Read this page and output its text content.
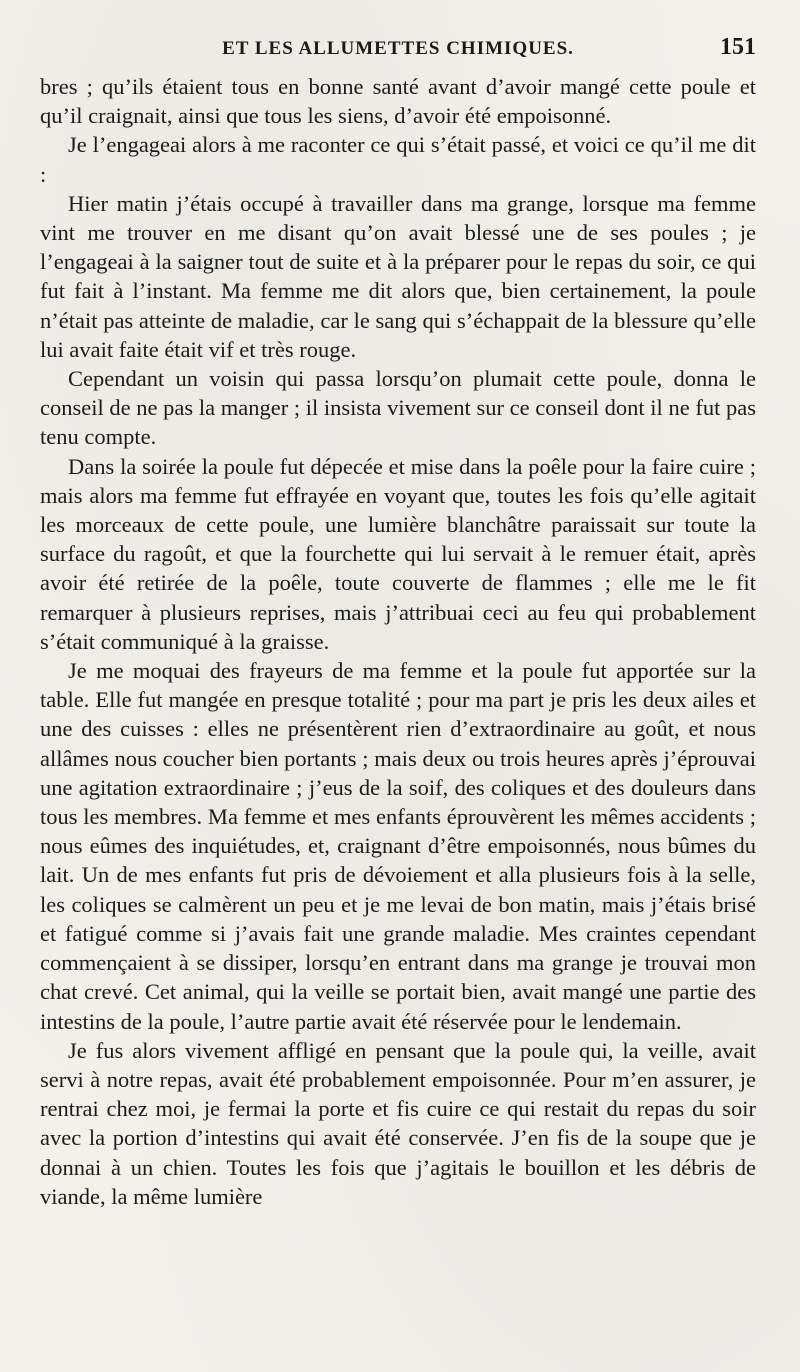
ET LES ALLUMETTES CHIMIQUES.	151

bres ; qu’ils étaient tous en bonne santé avant d’avoir mangé cette poule et qu’il craignait, ainsi que tous les siens, d’avoir été empoisonné.

Je l’engageai alors à me raconter ce qui s’était passé, et voici ce qu’il me dit :

Hier matin j’étais occupé à travailler dans ma grange, lorsque ma femme vint me trouver en me disant qu’on avait blessé une de ses poules ; je l’engageai à la saigner tout de suite et à la préparer pour le repas du soir, ce qui fut fait à l’instant. Ma femme me dit alors que, bien certainement, la poule n’était pas atteinte de maladie, car le sang qui s’échappait de la blessure qu’elle lui avait faite était vif et très rouge.

Cependant un voisin qui passa lorsqu’on plumait cette poule, donna le conseil de ne pas la manger ; il insista vivement sur ce conseil dont il ne fut pas tenu compte.

Dans la soirée la poule fut dépecée et mise dans la poêle pour la faire cuire ; mais alors ma femme fut effrayée en voyant que, toutes les fois qu’elle agitait les morceaux de cette poule, une lumière blanchâtre paraissait sur toute la surface du ragoût, et que la fourchette qui lui servait à le remuer était, après avoir été retirée de la poêle, toute couverte de flammes ; elle me le fit remarquer à plusieurs reprises, mais j’attribuai ceci au feu qui probablement s’était communiqué à la graisse.

Je me moquai des frayeurs de ma femme et la poule fut apportée sur la table. Elle fut mangée en presque totalité ; pour ma part je pris les deux ailes et une des cuisses : elles ne présentèrent rien d’extraordinaire au goût, et nous allâmes nous coucher bien portants ; mais deux ou trois heures après j’éprouvai une agitation extraordinaire ; j’eus de la soif, des coliques et des douleurs dans tous les membres. Ma femme et mes enfants éprouvèrent les mêmes accidents ; nous eûmes des inquiétudes, et, craignant d’être empoisonnés, nous bûmes du lait. Un de mes enfants fut pris de dévoiement et alla plusieurs fois à la selle, les coliques se calmèrent un peu et je me levai de bon matin, mais j’étais brisé et fatigué comme si j’avais fait une grande maladie. Mes craintes cependant commençaient à se dissiper, lorsqu’en entrant dans ma grange je trouvai mon chat crevé. Cet animal, qui la veille se portait bien, avait mangé une partie des intestins de la poule, l’autre partie avait été réservée pour le lendemain.

Je fus alors vivement affligé en pensant que la poule qui, la veille, avait servi à notre repas, avait été probablement empoisonnée. Pour m’en assurer, je rentrai chez moi, je fermai la porte et fis cuire ce qui restait du repas du soir avec la portion d’intestins qui avait été conservée. J’en fis de la soupe que je donnai à un chien. Toutes les fois que j’agitais le bouillon et les débris de viande, la même lumière
